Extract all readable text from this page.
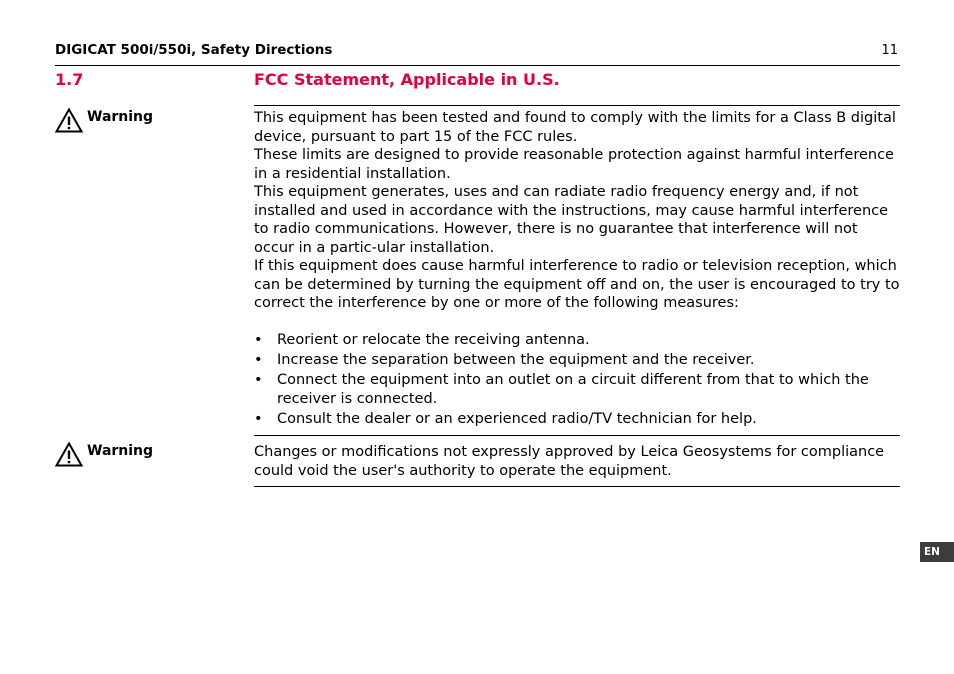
DIGICAT 500i/550i, Safety Directions	11
1.7	FCC Statement, Applicable in U.S.
Warning	This equipment has been tested and found to comply with the limits for a Class B digital device, pursuant to part 15 of the FCC rules.

These limits are designed to provide reasonable protection against harmful interference in a residential installation.

This equipment generates, uses and can radiate radio frequency energy and, if not installed and used in accordance with the instructions, may cause harmful interference to radio communications. However, there is no guarantee that interference will not occur in a partic-ular installation.

If this equipment does cause harmful interference to radio or television reception, which can be determined by turning the equipment off and on, the user is encouraged to try to correct the interference by one or more of the following measures:

• Reorient or relocate the receiving antenna.
• Increase the separation between the equipment and the receiver.
• Connect the equipment into an outlet on a circuit different from that to which the receiver is connected.
• Consult the dealer or an experienced radio/TV technician for help.
Warning	Changes or modifications not expressly approved by Leica Geosystems for compliance could void the user's authority to operate the equipment.

EN
